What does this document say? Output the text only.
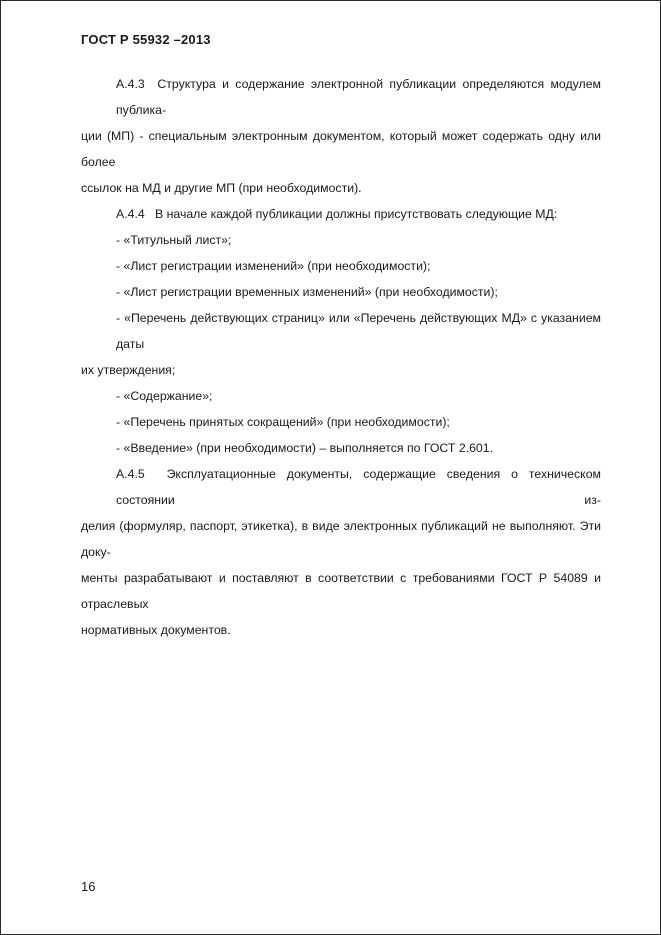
ГОСТ Р 55932 –2013
А.4.3  Структура и содержание электронной публикации определяются модулем публика-
ции (МП) - специальным электронным документом, который может содержать одну или более
ссылок на МД и другие МП (при необходимости).
А.4.4   В начале каждой публикации должны присутствовать следующие МД:
- «Титульный лист»;
- «Лист регистрации изменений» (при необходимости);
- «Лист регистрации временных изменений» (при необходимости);
- «Перечень действующих страниц» или «Перечень действующих МД» с указанием даты
их утверждения;
- «Содержание»;
- «Перечень принятых сокращений» (при необходимости);
- «Введение» (при необходимости) – выполняется по ГОСТ 2.601.
А.4.5  Эксплуатационные документы, содержащие сведения о техническом состоянии из-
делия (формуляр, паспорт, этикетка), в виде электронных публикаций не выполняют. Эти доку-
менты разрабатывают и поставляют в соответствии с требованиями ГОСТ Р 54089 и отраслевых
нормативных документов.
16
